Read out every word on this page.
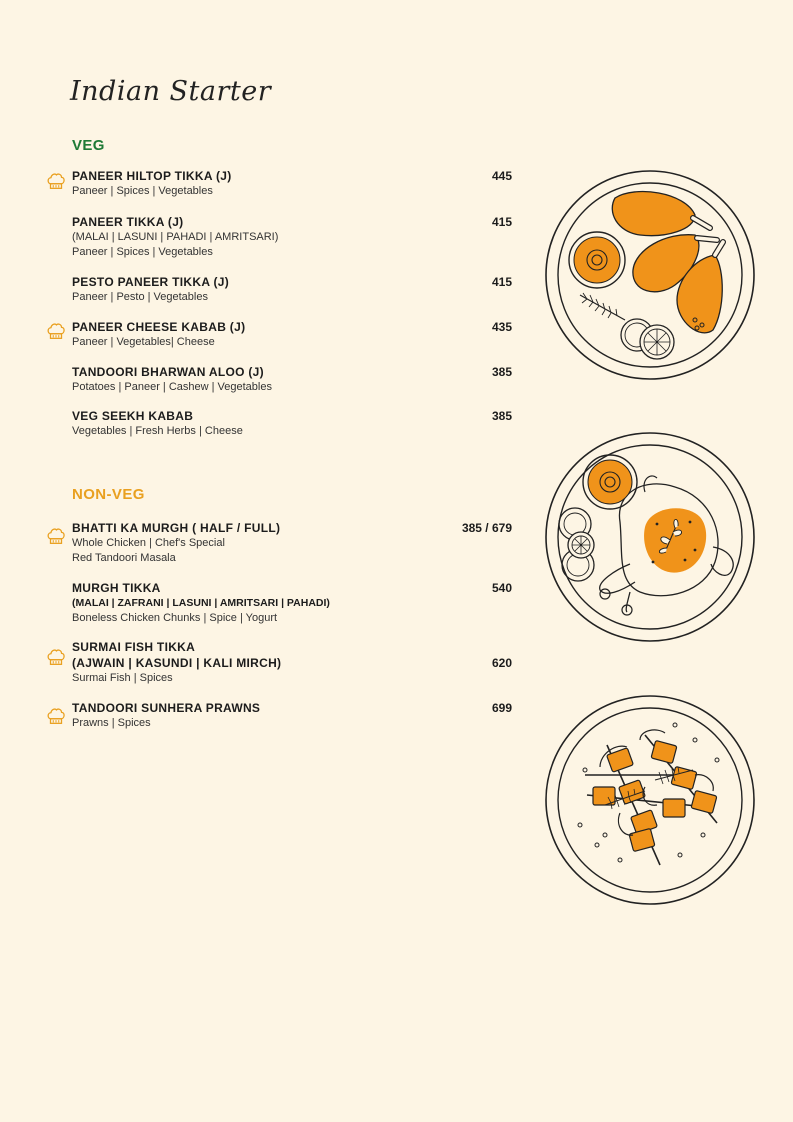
Indian Starter
VEG
PANEER HILTOP TIKKA (J)
Paneer | Spices | Vegetables
445
PANEER TIKKA (J)
(MALAI | LASUNI | PAHADI | AMRITSARI)
Paneer | Spices | Vegetables
415
PESTO PANEER TIKKA (J)
Paneer | Pesto | Vegetables
415
PANEER CHEESE KABAB (J)
Paneer | Vegetables| Cheese
435
TANDOORI BHARWAN ALOO (J)
Potatoes | Paneer | Cashew | Vegetables
385
VEG SEEKH KABAB
Vegetables | Fresh Herbs | Cheese
385
NON-VEG
BHATTI KA MURGH ( HALF / FULL)
Whole Chicken | Chef's Special
Red Tandoori Masala
385 / 679
MURGH TIKKA
(MALAI | ZAFRANI | LASUNI | AMRITSARI | PAHADI)
Boneless Chicken Chunks | Spice | Yogurt
540
SURMAI FISH TIKKA
(AJWAIN | KASUNDI | KALI MIRCH)
Surmai Fish | Spices
620
TANDOORI SUNHERA PRAWNS
Prawns | Spices
699
